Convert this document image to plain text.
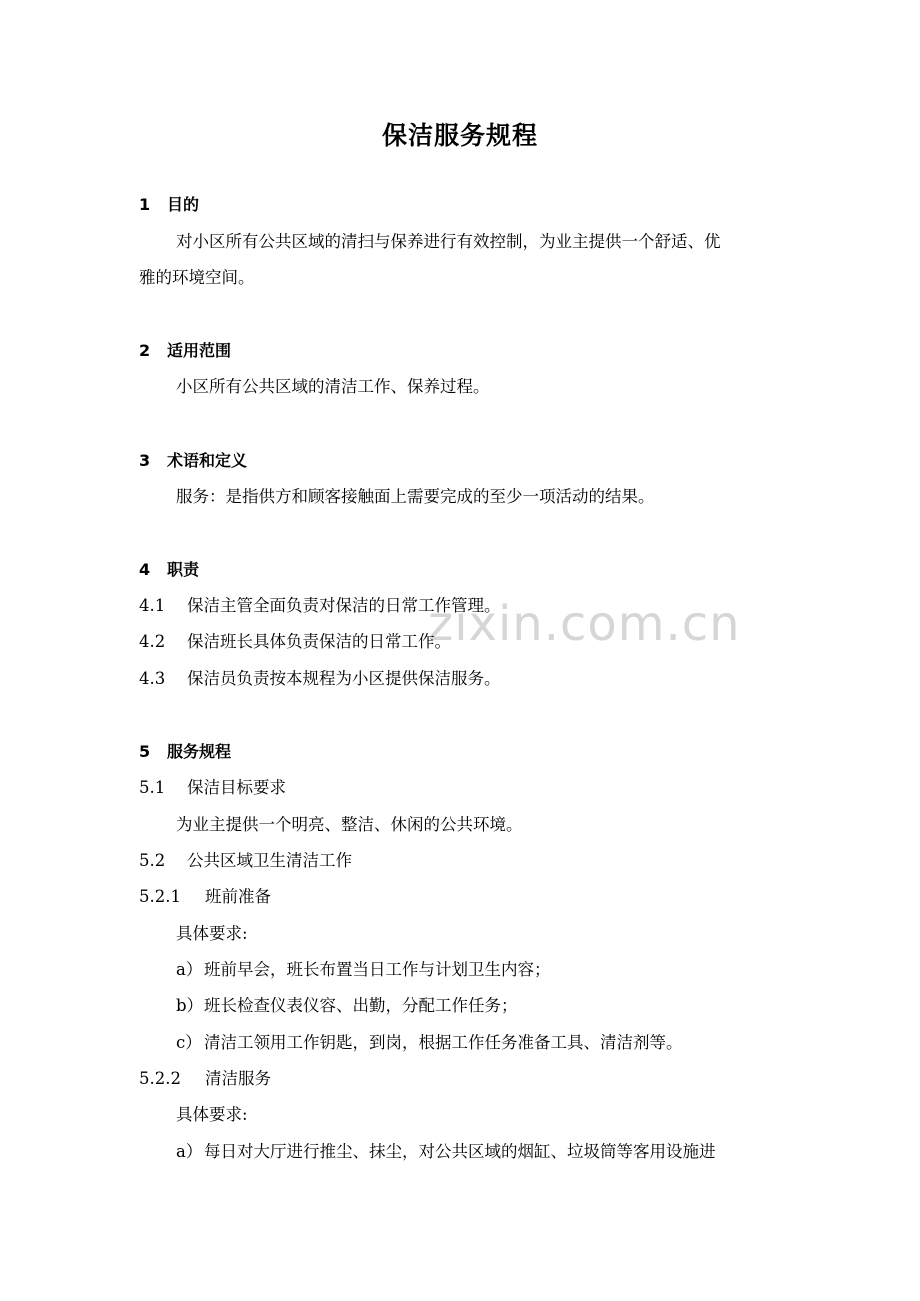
zixin.com.cn
保洁服务规程
1 目的
对小区所有公共区域的清扫与保养进行有效控制，为业主提供一个舒适、优
雅的环境空间。
2 适用范围
小区所有公共区域的清洁工作、保养过程。
3 术语和定义
服务：是指供方和顾客接触面上需要完成的至少一项活动的结果。
4 职责
4.1 保洁主管全面负责对保洁的日常工作管理。
4.2 保洁班长具体负责保洁的日常工作。
4.3 保洁员负责按本规程为小区提供保洁服务。
5 服务规程
5.1 保洁目标要求
为业主提供一个明亮、整洁、休闲的公共环境。
5.2 公共区域卫生清洁工作
5.2.1 班前准备
具体要求:
a） 班前早会，班长布置当日工作与计划卫生内容；
b）班长检查仪表仪容、出勤，分配工作任务；
c） 清洁工领用工作钥匙，到岗，根据工作任务准备工具、清洁剂等。
5.2.2 清洁服务
具体要求:
a） 每日对大厅进行推尘、抹尘，对公共区域的烟缸、垃圾筒等客用设施进
